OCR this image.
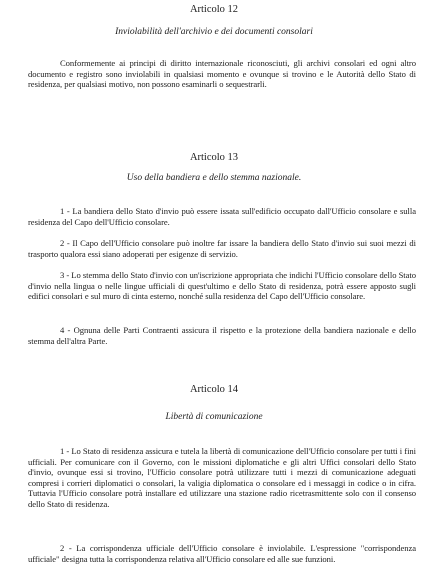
Articolo 12
Inviolabilità dell'archivio e dei documenti consolari
Conformemente ai principi di diritto internazionale riconosciuti, gli archivi consolari ed ogni altro documento e registro sono inviolabili in qualsiasi momento e ovunque si trovino e le Autorità dello Stato di residenza, per qualsiasi motivo, non possono esaminarli o sequestrarli.
Articolo 13
Uso della bandiera e dello stemma nazionale.
1 - La bandiera dello Stato d'invio può essere issata sull'edificio occupato dall'Ufficio consolare e sulla residenza del Capo dell'Ufficio consolare.
2 - Il Capo dell'Ufficio consolare può inoltre far issare la bandiera dello Stato d'invio sui suoi mezzi di trasporto qualora essi siano adoperati per esigenze di servizio.
3 - Lo stemma dello Stato d'invio con un'iscrizione appropriata che indichi l'Ufficio consolare dello Stato d'invio nella lingua o nelle lingue ufficiali di quest'ultimo e dello Stato di residenza, potrà essere apposto sugli edifici consolari e sul muro di cinta esterno, nonché sulla residenza del Capo dell'Ufficio consolare.
4 - Ognuna delle Parti Contraenti assicura il rispetto e la protezione della bandiera nazionale e dello stemma dell'altra Parte.
Articolo 14
Libertà di comunicazione
1 - Lo Stato di residenza assicura e tutela la libertà di comunicazione dell'Ufficio consolare per tutti i fini ufficiali. Per comunicare con il Governo, con le missioni diplomatiche e gli altri Uffici consolari dello Stato d'invio, ovunque essi si trovino, l'Ufficio consolare potrà utilizzare tutti i mezzi di comunicazione adeguati compresi i corrieri diplomatici o consolari, la valigia diplomatica o consolare ed i messaggi in codice o in cifra. Tuttavia l'Ufficio consolare potrà installare ed utilizzare una stazione radio ricetrasmittente solo con il consenso dello Stato di residenza.
2 - La corrispondenza ufficiale dell'Ufficio consolare è inviolabile. L'espressione "corrispondenza ufficiale" designa tutta la corrispondenza relativa all'Ufficio consolare ed alle sue funzioni.
